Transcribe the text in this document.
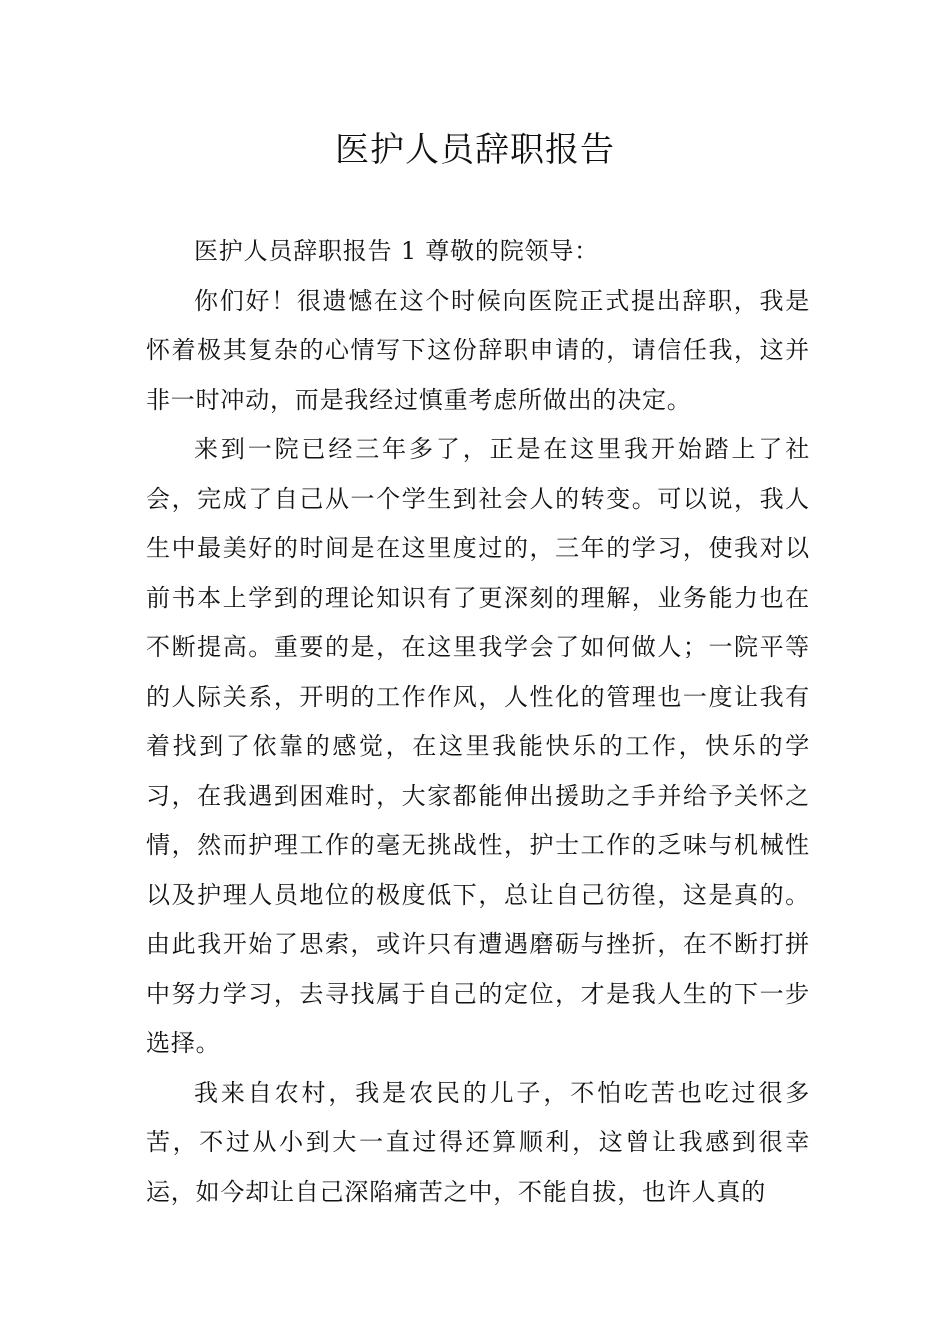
医护人员辞职报告

医护人员辞职报告 1 尊敬的院领导：

你们好！很遗憾在这个时候向医院正式提出辞职，我是怀着极其复杂的心情写下这份辞职申请的，请信任我，这并非一时冲动，而是我经过慎重考虑所做出的决定。

来到一院已经三年多了，正是在这里我开始踏上了社会，完成了自己从一个学生到社会人的转变。可以说，我人生中最美好的时间是在这里度过的，三年的学习，使我对以前书本上学到的理论知识有了更深刻的理解，业务能力也在不断提高。重要的是，在这里我学会了如何做人；一院平等的人际关系，开明的工作作风，人性化的管理也一度让我有着找到了依靠的感觉，在这里我能快乐的工作，快乐的学习，在我遇到困难时，大家都能伸出援助之手并给予关怀之情，然而护理工作的毫无挑战性，护士工作的乏味与机械性以及护理人员地位的极度低下，总让自己彷徨，这是真的。由此我开始了思索，或许只有遭遇磨砺与挫折，在不断打拼中努力学习，去寻找属于自己的定位，才是我人生的下一步选择。

我来自农村，我是农民的儿子，不怕吃苦也吃过很多苦，不过从小到大一直过得还算顺利，这曾让我感到很幸运，如今却让自己深陷痛苦之中，不能自拔，也许人真的
